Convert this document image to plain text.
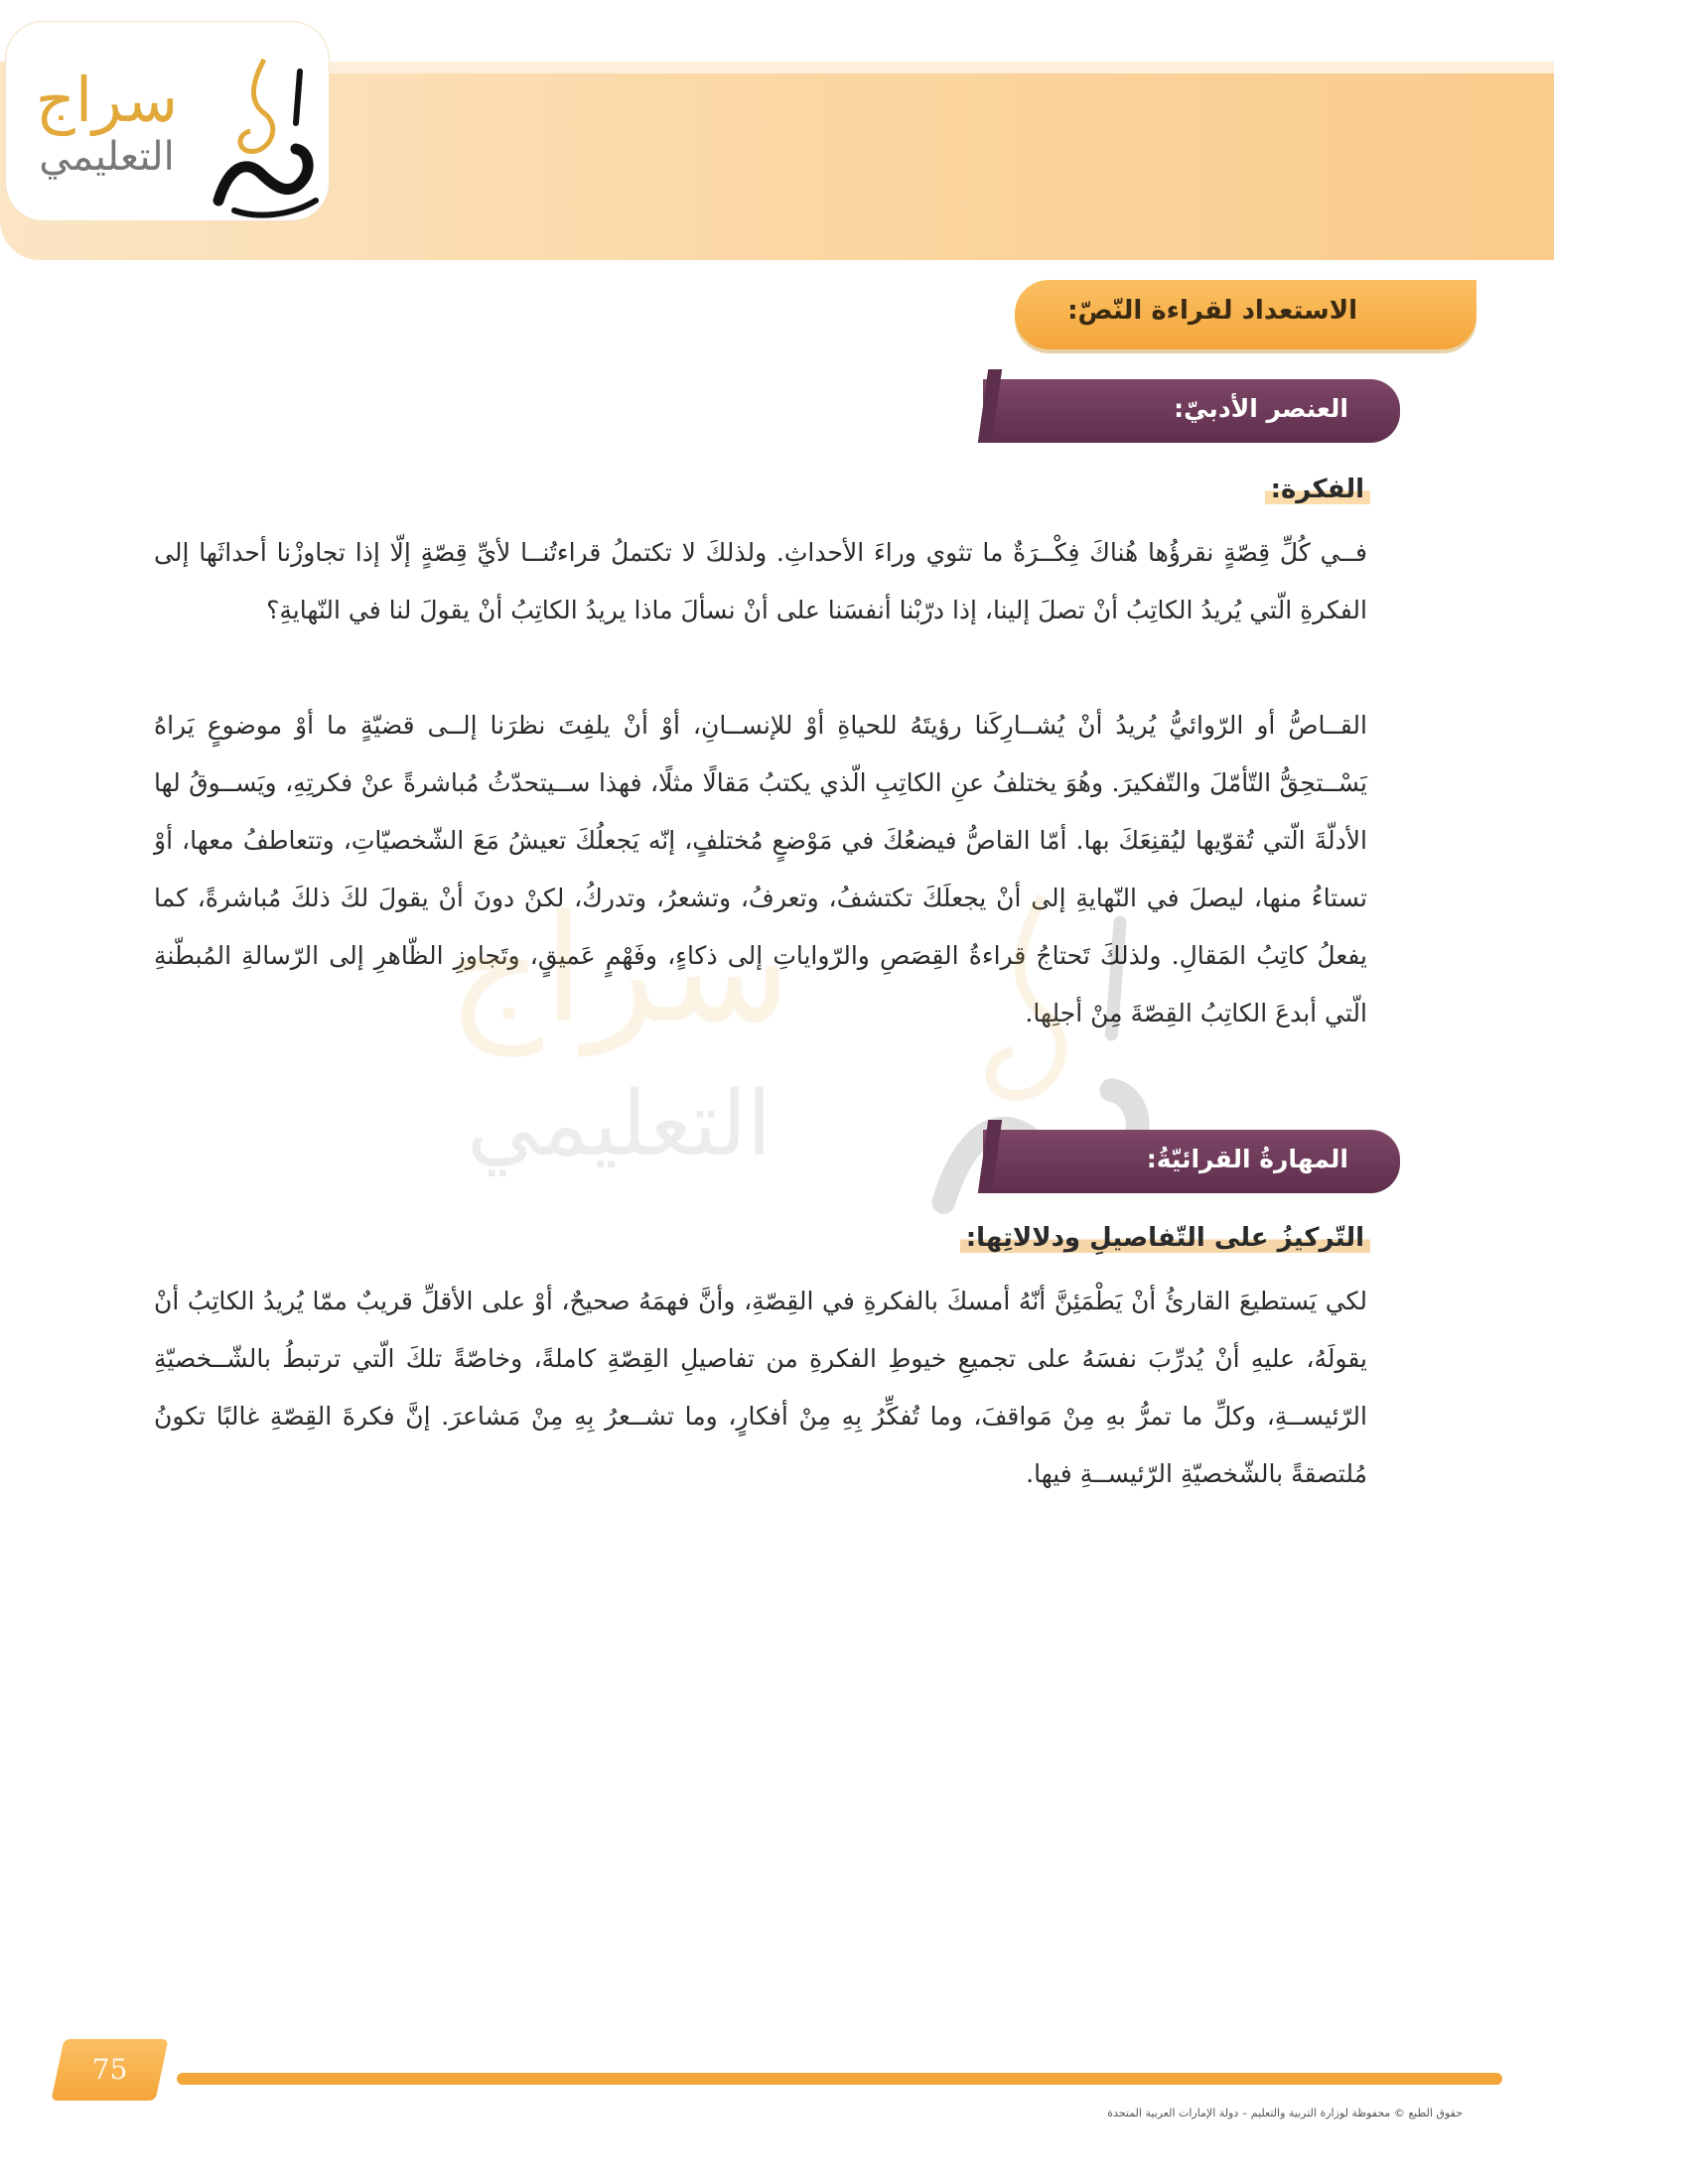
سراج
التعليمي
الاستعداد لقراءة النّصّ:
العنصر الأدبيّ:
الفكرة:
فــي كُلِّ قِصّةٍ نقرؤُها هُناكَ فِكْــرَةٌ ما تثوي وراءَ الأحداثِ. ولذلكَ لا تكتملُ قراءتُنــا لأيِّ قِصّةٍ إلّا إذا تجاوزْنا أحداثَها إلى الفكرةِ الّتي يُريدُ الكاتِبُ أنْ تصلَ إلينا، إذا درّبْنا أنفسَنا على أنْ نسألَ ماذا يريدُ الكاتِبُ أنْ يقولَ لنا في النّهايةِ؟
القــاصُّ أو الرّوائيُّ يُريدُ أنْ يُشــارِكَنا رؤيتَهُ للحياةِ أوْ للإنســانِ، أوْ أنْ يلفِتَ نظرَنا إلــى قضيّةٍ ما أوْ موضوعٍ يَراهُ يَسْــتحِقُّ التّأمّلَ والتّفكيرَ. وهُوَ يختلفُ عنِ الكاتِبِ الّذي يكتبُ مَقالًا مثلًا، فهذا ســيتحدّثُ مُباشرةً عنْ فكرتِهِ، ويَســوقُ لها الأدلّةَ الّتي تُقوّيها ليُقنِعَكَ بها. أمّا القاصُّ فيضعُكَ في مَوْضعٍ مُختلفٍ، إنّه يَجعلُكَ تعيشُ مَعَ الشّخصيّاتِ، وتتعاطفُ معها، أوْ تستاءُ منها، ليصلَ في النّهايةِ إلى أنْ يجعلَكَ تكتشفُ، وتعرفُ، وتشعرُ، وتدركُ، لكنْ دونَ أنْ يقولَ لكَ ذلكَ مُباشرةً، كما يفعلُ كاتِبُ المَقالِ. ولذلكَ تَحتاجُ قراءةُ القِصَصِ والرّواياتِ إلى ذكاءٍ، وفَهْمٍ عَميقٍ، وتَجاوزِ الظّاهرِ إلى الرّسالةِ المُبطّنةِ الّتي أبدعَ الكاتِبُ القِصّةَ مِنْ أجلِها.
سراج
التعليمي	المهارةُ القرائيّةُ:
التّركيزُ على التّفاصيلِ ودلالاتِها:
لكي يَستطيعَ القارئُ أنْ يَطْمَئِنَّ أنّهُ أمسكَ بالفكرةِ في القِصّةِ، وأنَّ فهمَهُ صحيحٌ، أوْ على الأقلِّ قريبٌ ممّا يُريدُ الكاتِبُ أنْ يقولَهُ، عليهِ أنْ يُدرِّبَ نفسَهُ على تجميعِ خيوطِ الفكرةِ من تفاصيلِ القِصّةِ كاملةً، وخاصّةً تلكَ الّتي ترتبطُ بالشّــخصيّةِ الرّئيســةِ، وكلِّ ما تمرُّ بهِ مِنْ مَواقفَ، وما تُفكِّرُ بِهِ مِنْ أفكارٍ، وما تشــعرُ بِهِ مِنْ مَشاعرَ. إنَّ فكرةَ القِصّةِ غالبًا تكونُ مُلتصقةً بالشّخصيّةِ الرّئيســةِ فيها.
75
حقوق الطبع © محفوظة لوزارة التربية والتعليم – دولة الإمارات العربية المتحدة
